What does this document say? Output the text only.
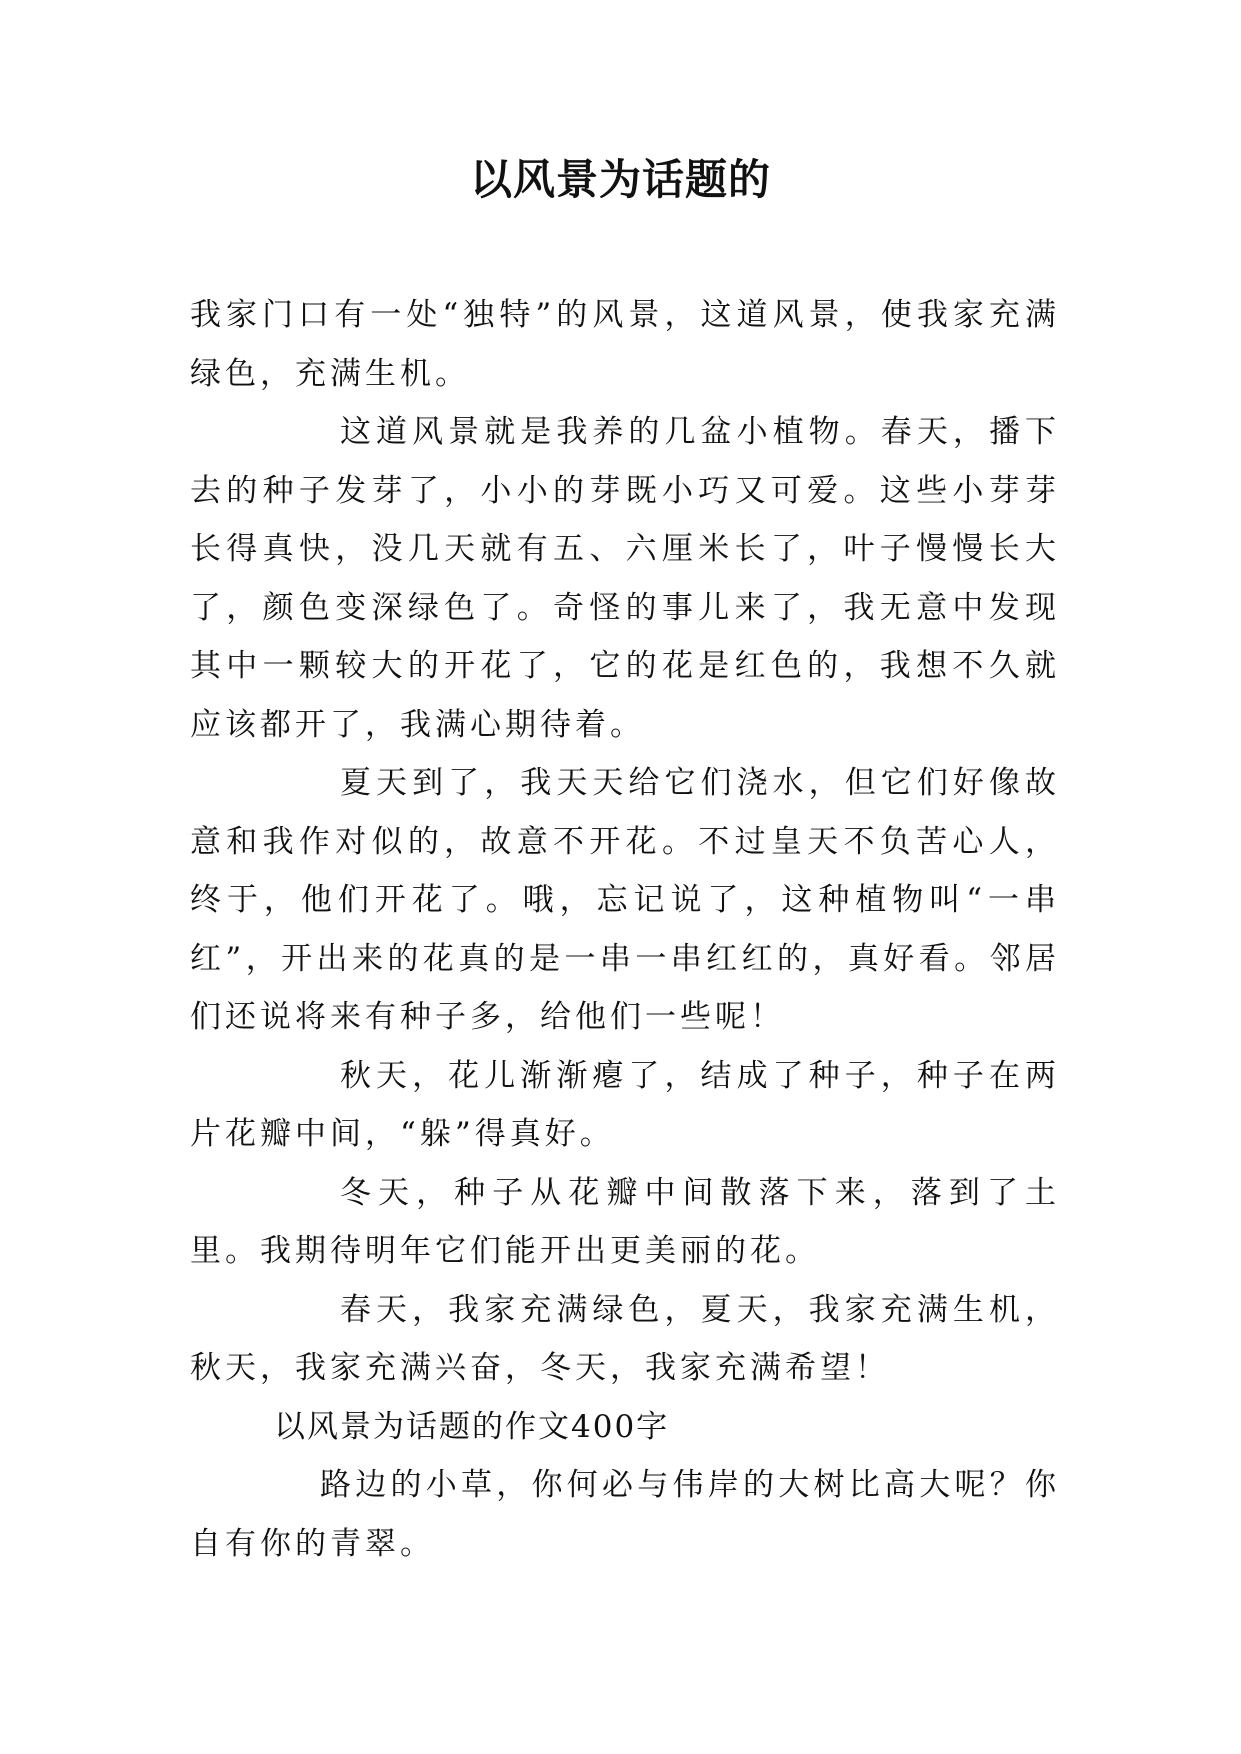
以风景为话题的

我家门口有一处“独特”的风景，这道风景，使我家充满绿色，充满生机。

这道风景就是我养的几盆小植物。春天，播下去的种子发芽了，小小的芽既小巧又可爱。这些小芽芽长得真快，没几天就有五、六厘米长了，叶子慢慢长大了，颜色变深绿色了。奇怪的事儿来了，我无意中发现其中一颗较大的开花了，它的花是红色的，我想不久就应该都开了，我满心期待着。

夏天到了，我天天给它们浇水，但它们好像故意和我作对似的，故意不开花。不过皇天不负苦心人，终于，他们开花了。哦，忘记说了，这种植物叫“一串红”，开出来的花真的是一串一串红红的，真好看。邻居们还说将来有种子多，给他们一些呢！

秋天，花儿渐渐瘪了，结成了种子，种子在两片花瓣中间，“躲”得真好。

冬天，种子从花瓣中间散落下来，落到了土里。我期待明年它们能开出更美丽的花。

春天，我家充满绿色，夏天，我家充满生机，秋天，我家充满兴奋，冬天，我家充满希望！

以风景为话题的作文400字

路边的小草，你何必与伟岸的大树比高大呢？你自有你的青翠。
